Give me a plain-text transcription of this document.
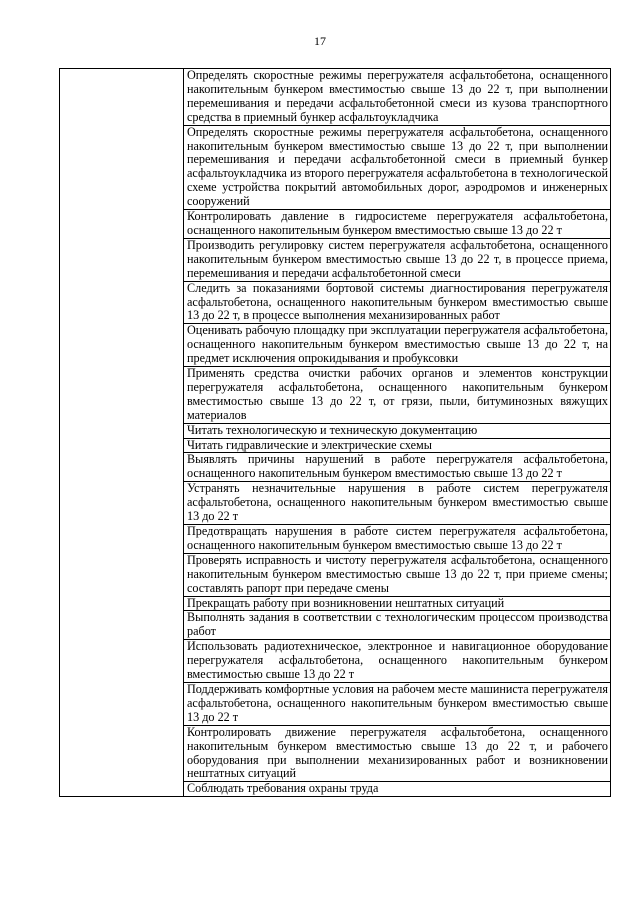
17
	Определять скоростные режимы перегружателя асфальтобетона, оснащенного накопительным бункером вместимостью свыше 13 до 22 т, при выполнении перемешивания и передачи асфальтобетонной смеси из кузова транспортного средства в приемный бункер асфальтоукладчика
Определять скоростные режимы перегружателя асфальтобетона, оснащенного накопительным бункером вместимостью свыше 13 до 22 т, при выполнении перемешивания и передачи асфальтобетонной смеси в приемный бункер асфальтоукладчика из второго перегружателя асфальтобетона в технологической схеме устройства покрытий автомобильных дорог, аэродромов и инженерных сооружений
Контролировать давление в гидросистеме перегружателя асфальтобетона, оснащенного накопительным бункером вместимостью свыше 13 до 22 т
Производить регулировку систем перегружателя асфальтобетона, оснащенного накопительным бункером вместимостью свыше 13 до 22 т, в процессе приема, перемешивания и передачи асфальтобетонной смеси
Следить за показаниями бортовой системы диагностирования перегружателя асфальтобетона, оснащенного накопительным бункером вместимостью свыше 13 до 22 т, в процессе выполнения механизированных работ
Оценивать рабочую площадку при эксплуатации перегружателя асфальтобетона, оснащенного накопительным бункером вместимостью свыше 13 до 22 т, на предмет исключения опрокидывания и пробуксовки
Применять средства очистки рабочих органов и элементов конструкции перегружателя асфальтобетона, оснащенного накопительным бункером вместимостью свыше 13 до 22 т, от грязи, пыли, битуминозных вяжущих материалов
Читать технологическую и техническую документацию
Читать гидравлические и электрические схемы
Выявлять причины нарушений в работе перегружателя асфальтобетона, оснащенного накопительным бункером вместимостью свыше 13 до 22 т
Устранять незначительные нарушения в работе систем перегружателя асфальтобетона, оснащенного накопительным бункером вместимостью свыше 13 до 22 т
Предотвращать нарушения в работе систем перегружателя асфальтобетона, оснащенного накопительным бункером вместимостью свыше 13 до 22 т
Проверять исправность и чистоту перегружателя асфальтобетона, оснащенного накопительным бункером вместимостью свыше 13 до 22 т, при приеме смены; составлять рапорт при передаче смены
Прекращать работу при возникновении нештатных ситуаций
Выполнять задания в соответствии с технологическим процессом производства работ
Использовать радиотехническое, электронное и навигационное оборудование перегружателя асфальтобетона, оснащенного накопительным бункером вместимостью свыше 13 до 22 т
Поддерживать комфортные условия на рабочем месте машиниста перегружателя асфальтобетона, оснащенного накопительным бункером вместимостью свыше 13 до 22 т
Контролировать движение перегружателя асфальтобетона, оснащенного накопительным бункером вместимостью свыше 13 до 22 т, и рабочего оборудования при выполнении механизированных работ и возникновении нештатных ситуаций
Соблюдать требования охраны труда
